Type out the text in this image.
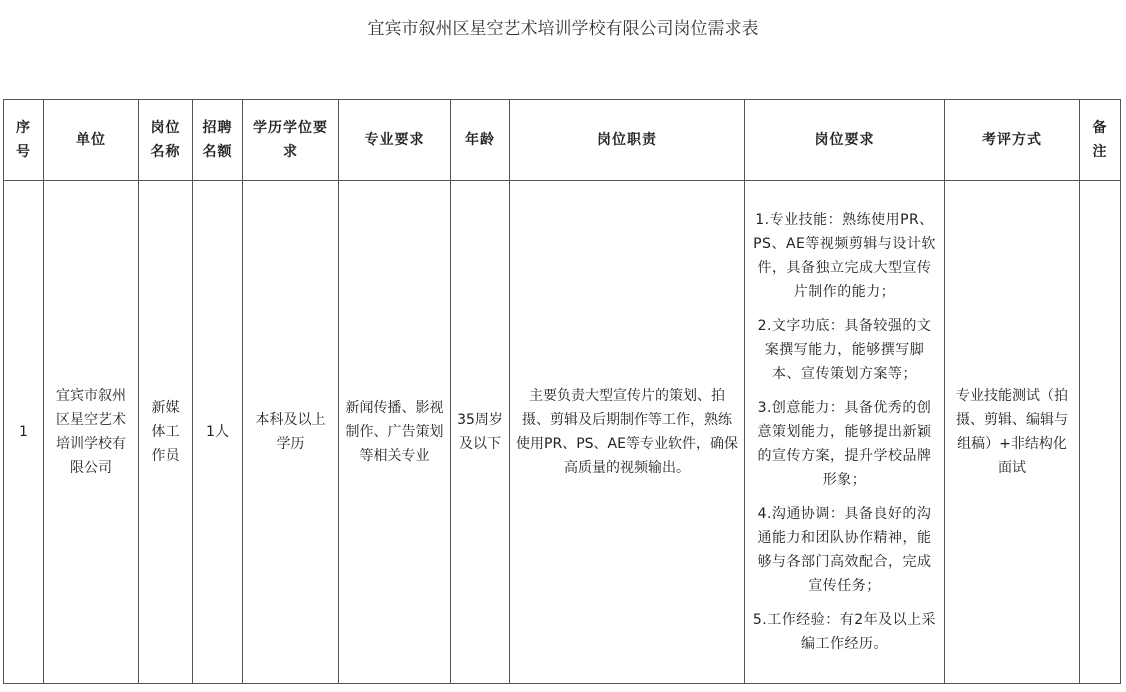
宜宾市叙州区星空艺术培训学校有限公司岗位需求表
序号	单位	岗位名称	招聘名额	学历学位要求	专业要求	年龄	岗位职责	岗位要求	考评方式	备注
1	宜宾市叙州区星空艺术培训学校有限公司	新媒体工作员	1人	本科及以上学历	新闻传播、影视制作、广告策划等相关专业	35周岁及以下	主要负责大型宣传片的策划、拍摄、剪辑及后期制作等工作，熟练使用PR、PS、AE等专业软件，确保高质量的视频输出。	1.专业技能：熟练使用PR、PS、AE等视频剪辑与设计软件，具备独立完成大型宣传片制作的能力；
2.文字功底：具备较强的文案撰写能力，能够撰写脚本、宣传策划方案等；
3.创意能力：具备优秀的创意策划能力，能够提出新颖的宣传方案，提升学校品牌形象；
4.沟通协调：具备良好的沟通能力和团队协作精神，能够与各部门高效配合，完成宣传任务；
5.工作经验：有2年及以上采编工作经历。	专业技能测试（拍摄、剪辑、编辑与组稿）+非结构化面试	
